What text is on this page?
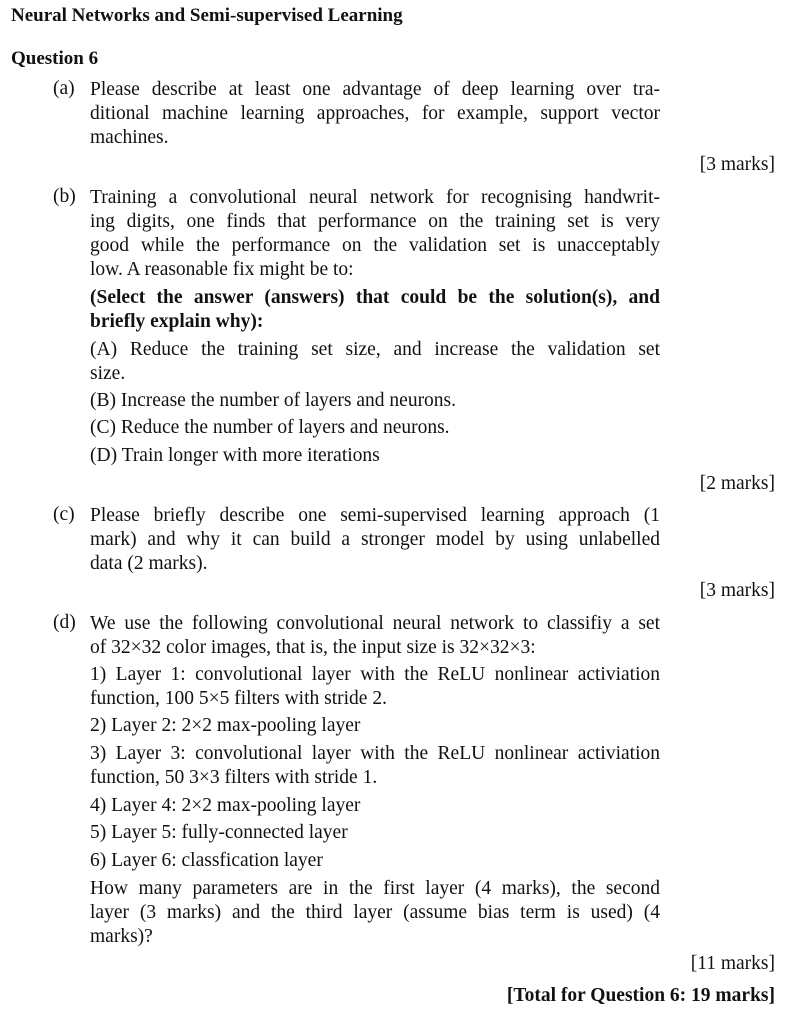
Neural Networks and Semi-supervised Learning
Question 6
(a) Please describe at least one advantage of deep learning over tra-
ditional machine learning approaches, for example, support vector
machines.
[3 marks]
(b) Training a convolutional neural network for recognising handwrit-
ing digits, one finds that performance on the training set is very
good while the performance on the validation set is unacceptably
low. A reasonable fix might be to:
(Select the answer (answers) that could be the solution(s), and
briefly explain why):
(A) Reduce the training set size, and increase the validation set
size.
(B) Increase the number of layers and neurons.
(C) Reduce the number of layers and neurons.
(D) Train longer with more iterations
[2 marks]
(c) Please briefly describe one semi-supervised learning approach (1
mark) and why it can build a stronger model by using unlabelled
data (2 marks).
[3 marks]
(d) We use the following convolutional neural network to classifiy a set
of 32×32 color images, that is, the input size is 32×32×3:
1) Layer 1: convolutional layer with the ReLU nonlinear activiation
function, 100 5×5 filters with stride 2.
2) Layer 2: 2×2 max-pooling layer
3) Layer 3: convolutional layer with the ReLU nonlinear activiation
function, 50 3×3 filters with stride 1.
4) Layer 4: 2×2 max-pooling layer
5) Layer 5: fully-connected layer
6) Layer 6: classfication layer
How many parameters are in the first layer (4 marks), the second
layer (3 marks) and the third layer (assume bias term is used) (4
marks)?
[11 marks]
[Total for Question 6: 19 marks]
